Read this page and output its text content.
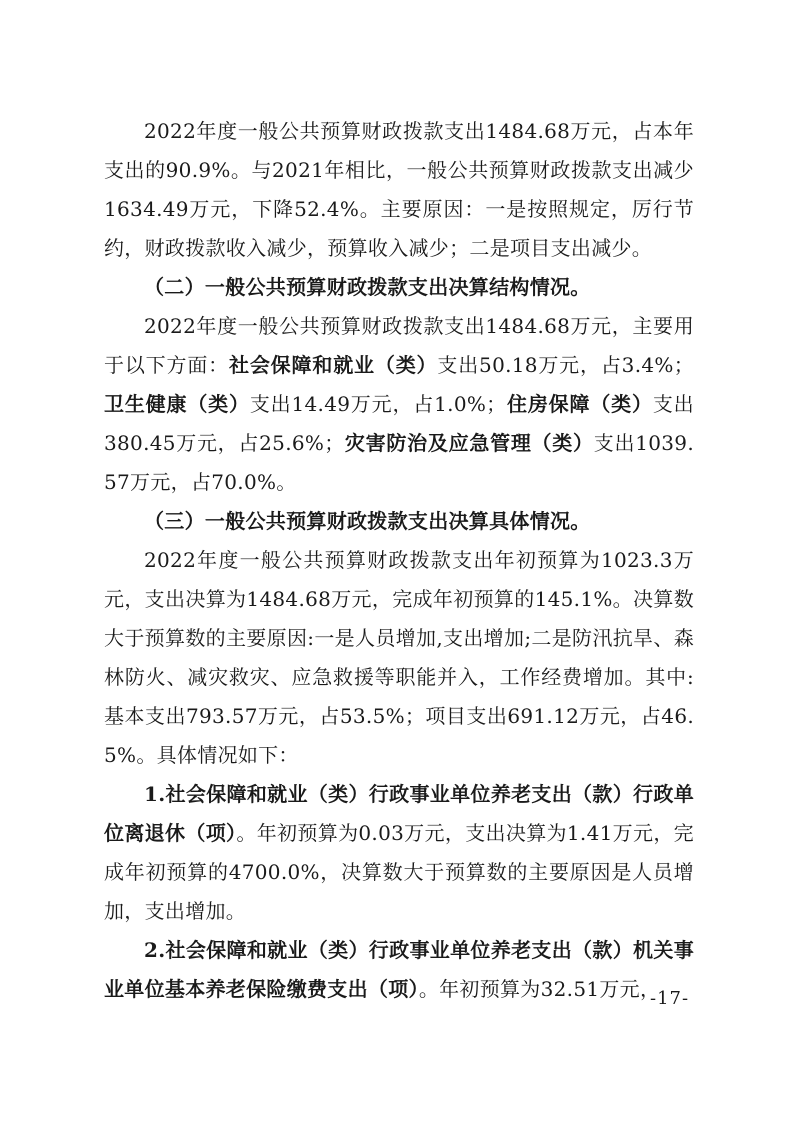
2022年度一般公共预算财政拨款支出1484.68万元，占本年支出的90.9%。与2021年相比，一般公共预算财政拨款支出减少1634.49万元，下降52.4%。主要原因：一是按照规定，厉行节约，财政拨款收入减少，预算收入减少；二是项目支出减少。

（二）一般公共预算财政拨款支出决算结构情况。

2022年度一般公共预算财政拨款支出1484.68万元，主要用于以下方面：社会保障和就业（类）支出50.18万元，占3.4%；卫生健康（类）支出14.49万元，占1.0%；住房保障（类）支出380.45万元，占25.6%；灾害防治及应急管理（类）支出1039.57万元，占70.0%。

（三）一般公共预算财政拨款支出决算具体情况。

2022年度一般公共预算财政拨款支出年初预算为1023.3万元，支出决算为1484.68万元，完成年初预算的145.1%。决算数大于预算数的主要原因:一是人员增加,支出增加;二是防汛抗旱、森林防火、减灾救灾、应急救援等职能并入，工作经费增加。其中:基本支出793.57万元，占53.5%；项目支出691.12万元，占46.5%。具体情况如下：

1.社会保障和就业（类）行政事业单位养老支出（款）行政单位离退休（项）。年初预算为0.03万元，支出决算为1.41万元，完成年初预算的4700.0%，决算数大于预算数的主要原因是人员增加，支出增加。

2.社会保障和就业（类）行政事业单位养老支出（款）机关事业单位基本养老保险缴费支出（项）。年初预算为32.51万元，

-17-
